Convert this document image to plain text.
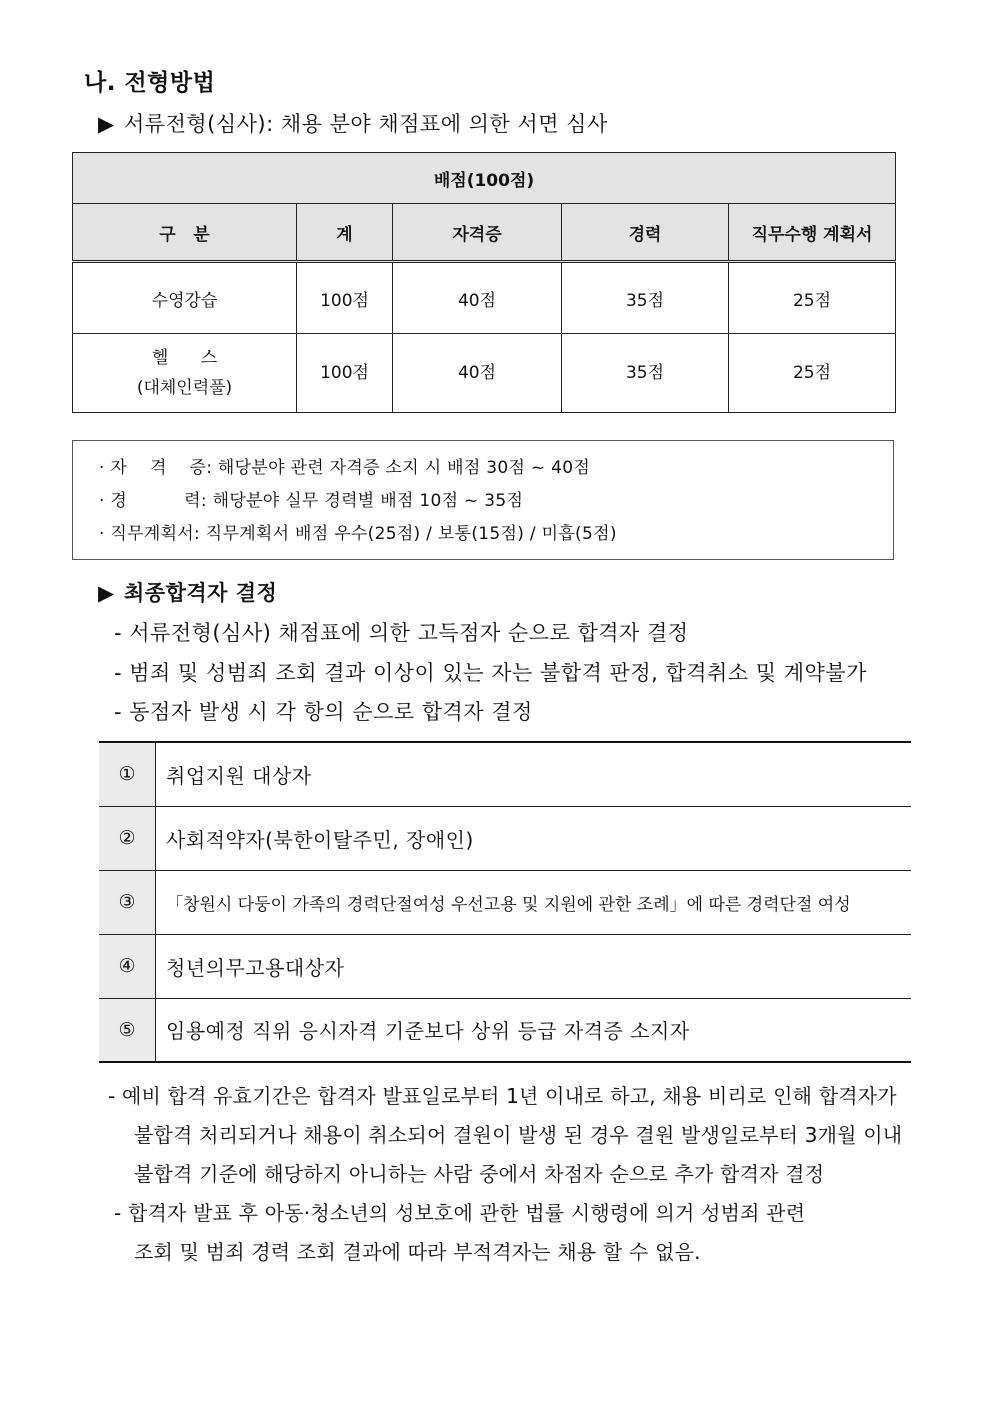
나. 전형방법
▶ 서류전형(심사): 채용 분야 채점표에 의한 서면 심사
배점(100점)				
구   분	계	자격증	경력	직무수행 계획서
수영강습	100점	40점	35점	25점

헬      스
(대체인력풀)	100점	40점	35점	25점
· 자    격    증: 해당분야 관련 자격증 소지 시 배점 30점 ~ 40점
· 경          력: 해당분야 실무 경력별 배점 10점 ~ 35점
· 직무계획서: 직무계획서 배점 우수(25점) / 보통(15점) / 미흡(5점)
▶ 최종합격자 결정
- 서류전형(심사) 채점표에 의한 고득점자 순으로 합격자 결정
- 범죄 및 성범죄 조회 결과 이상이 있는 자는 불합격 판정, 합격취소 및 계약불가
- 동점자 발생 시 각 항의 순으로 합격자 결정
①	취업지원 대상자
②	사회적약자(북한이탈주민, 장애인)
③	「창원시 다둥이 가족의 경력단절여성 우선고용 및 지원에 관한 조례」에 따른 경력단절 여성
④	청년의무고용대상자
⑤	임용예정 직위 응시자격 기준보다 상위 등급 자격증 소지자
- 예비 합격 유효기간은 합격자 발표일로부터 1년 이내로 하고, 채용 비리로 인해 합격자가
불합격 처리되거나 채용이 취소되어 결원이 발생 된 경우 결원 발생일로부터 3개월 이내
불합격 기준에 해당하지 아니하는 사람 중에서 차점자 순으로 추가 합격자 결정
- 합격자 발표 후 아동·청소년의 성보호에 관한 법률 시행령에 의거 성범죄 관련
조회 및 범죄 경력 조회 결과에 따라 부적격자는 채용 할 수 없음.
